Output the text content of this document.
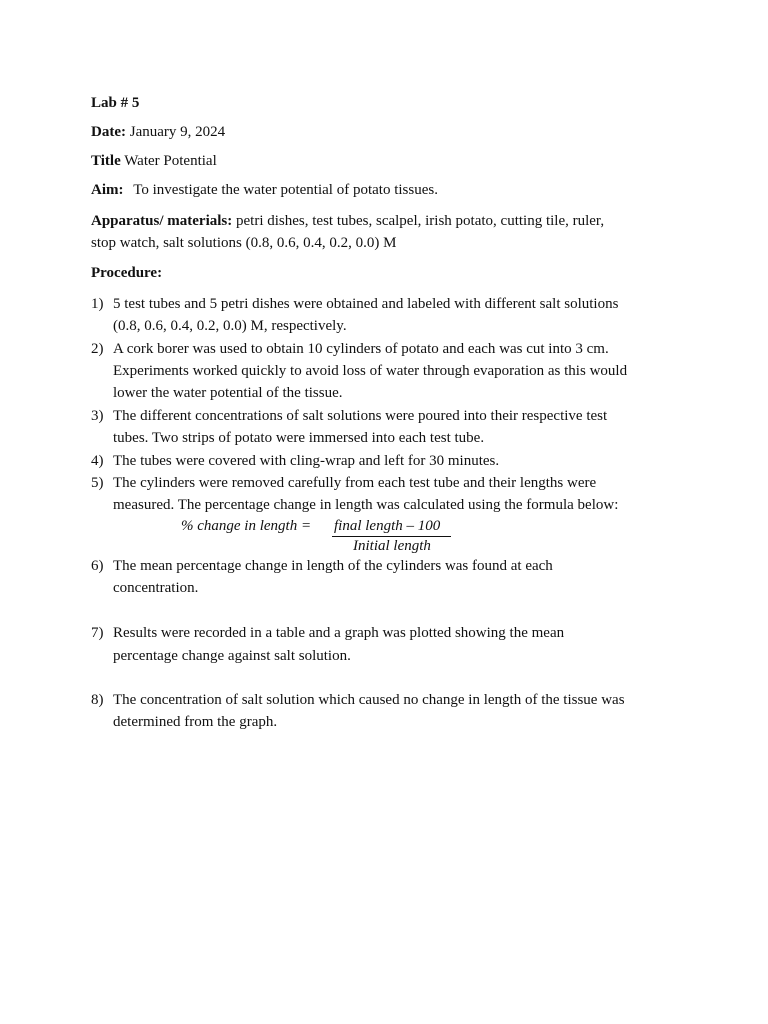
Lab # 5
Date: January 9, 2024
Title Water Potential
Aim: To investigate the water potential of potato tissues.
Apparatus/ materials: petri dishes, test tubes, scalpel, irish potato, cutting tile, ruler,
stop watch, salt solutions (0.8, 0.6, 0.4, 0.2, 0.0) M
Procedure:
1) 5 test tubes and 5 petri dishes were obtained and labeled with different salt solutions
(0.8, 0.6, 0.4, 0.2, 0.0) M, respectively.
2) A cork borer was used to obtain 10 cylinders of potato and each was cut into 3 cm.
Experiments worked quickly to avoid loss of water through evaporation as this would
lower the water potential of the tissue.
3) The different concentrations of salt solutions were poured into their respective test
tubes. Two strips of potato were immersed into each test tube.
4) The tubes were covered with cling-wrap and left for 30 minutes.
5) The cylinders were removed carefully from each test tube and their lengths were
measured. The percentage change in length was calculated using the formula below:
% change in length = final length – 100
Initial length
6) The mean percentage change in length of the cylinders was found at each
concentration.
7) Results were recorded in a table and a graph was plotted showing the mean
percentage change against salt solution.
8) The concentration of salt solution which caused no change in length of the tissue was
determined from the graph.
